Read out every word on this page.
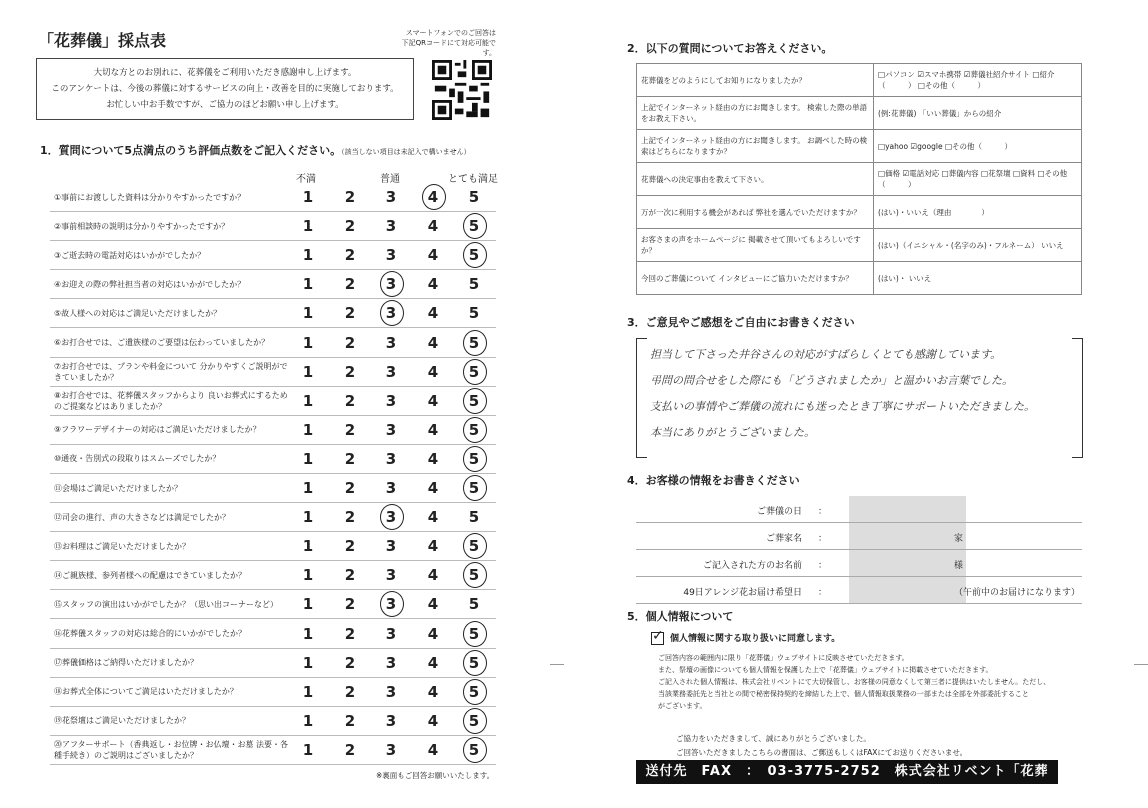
「花葬儀」採点表	スマートフォンでのご回答は
下記QRコードにて対応可能です。
大切な方とのお別れに、花葬儀をご利用いただき感謝申し上げます。
このアンケートは、今後の葬儀に対するサービスの向上・改善を目的に実施しております。
お忙しい中お手数ですが、ご協力のほどお願い申し上げます。
1．質問について5点満点のうち評価点数をご記入ください。（該当しない項目は未記入で構いません）
不満	普通	とても満足
①事前にお渡しした資料は分かりやすかったですか？	1	2	3	4	5
②事前相談時の説明は分かりやすかったですか？	1	2	3	4	5
③ご逝去時の電話対応はいかがでしたか？	1	2	3	4	5
④お迎えの際の弊社担当者の対応はいかがでしたか？	1	2	3	4	5
⑤故人様への対応はご満足いただけましたか？	1	2	3	4	5
⑥お打合せでは、ご遺族様のご要望は伝わっていましたか？	1	2	3	4	5
⑦お打合せでは、プランや料金について 分かりやすくご説明ができていましたか？	1	2	3	4	5
⑧お打合せでは、花葬儀スタッフからより 良いお葬式にするためのご提案などはありましたか？	1	2	3	4	5
⑨フラワーデザイナーの対応はご満足いただけましたか？	1	2	3	4	5
⑩通夜・告別式の段取りはスムーズでしたか？	1	2	3	4	5
⑪会場はご満足いただけましたか？	1	2	3	4	5
⑫司会の進行、声の大きさなどは満足でしたか？	1	2	3	4	5
⑬お料理はご満足いただけましたか？	1	2	3	4	5
⑭ご親族様、参列者様への配慮はできていましたか？	1	2	3	4	5
⑮スタッフの演出はいかがでしたか？（思い出コーナーなど）	1	2	3	4	5
⑯花葬儀スタッフの対応は総合的にいかがでしたか？	1	2	3	4	5
⑰葬儀価格はご納得いただけましたか？	1	2	3	4	5
⑱お葬式全体についてご満足はいただけましたか？	1	2	3	4	5
⑲花祭壇はご満足いただけましたか？	1	2	3	4	5
⑳アフターサポート（香典返し・お位牌・お仏壇・お墓 法要・各種手続き）のご説明はございましたか？	1	2	3	4	5
※裏面もご回答お願いいたします。
2．以下の質問についてお答えください。
花葬儀をどのようにしてお知りになりましたか？	□パソコン ☑スマホ携帯 ☑葬儀社紹介サイト □紹介（　　　） □その他（　　　）
上記でインターネット経由の方にお聞きします。 検索した際の単語をお教え下さい。	(例:花葬儀) 「いい葬儀」からの紹介
上記でインターネット経由の方にお聞きします。 お調べした時の検索はどちらになりますか？	□yahoo ☑google □その他（　　　）
花葬儀への決定事由を教えて下さい。	□価格 ☑電話対応 □葬儀内容 □花祭壇 □資料 □その他（　　　）
万が一次に利用する機会があれば 弊社を選んでいただけますか？	(はい)・いいえ（理由　　　　）
お客さまの声をホームページに 掲載させて頂いてもよろしいですか？	(はい)（イニシャル・(名字のみ)・フルネーム） いいえ
今回のご葬儀について インタビューにご協力いただけますか？	(はい)・ いいえ
3．ご意見やご感想をご自由にお書きください
担当して下さった井谷さんの対応がすばらしくとても感謝しています。
弔問の問合せをした際にも「どうされましたか」と温かいお言葉でした。
支払いの事情やご葬儀の流れにも迷ったとき丁寧にサポートいただきました。
本当にありがとうございました。
4．お客様の情報をお書きください
ご葬儀の日 ：
ご葬家名 ：	家
ご記入された方のお名前 ：	様
49日アレンジ花お届け希望日 ：	（午前中のお届けになります）
5．個人情報について
✓個人情報に関する取り扱いに同意します。
ご回答内容の範囲内に限り「花葬儀」ウェブサイトに反映させていただきます。
また、祭壇の画像についても個人情報を保護した上で「花葬儀」ウェブサイトに掲載させていただきます。
ご記入された個人情報は、株式会社リベントにて大切保管し、お客様の同意なくして第三者に提供はいたしません。ただし、
当該業務委託先と当社との間で秘密保持契約を締結した上で、個人情報取扱業務の一部または全部を外部委託すること
がございます。
ご協力をいただきまして、誠にありがとうございました。
ご回答いただきましたこちらの書面は、ご郵送もしくはFAXにてお送りくださいませ。
送付先　FAX　：　03-3775-2752　株式会社リベント「花葬儀」
